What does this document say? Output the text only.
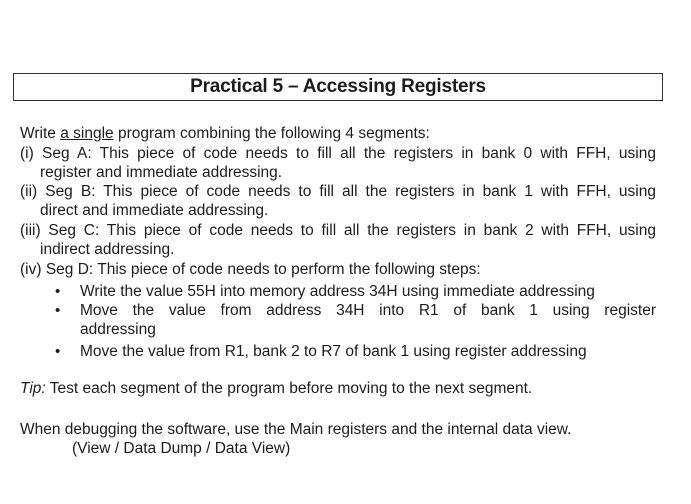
Practical 5 – Accessing Registers
Write a single program combining the following 4 segments:
(i) Seg A: This piece of code needs to fill all the registers in bank 0 with FFH, using
register and immediate addressing.
(ii) Seg B: This piece of code needs to fill all the registers in bank 1 with FFH, using
direct and immediate addressing.
(iii) Seg C: This piece of code needs to fill all the registers in bank 2 with FFH, using
indirect addressing.
(iv) Seg D: This piece of code needs to perform the following steps:
• Write the value 55H into memory address 34H using immediate addressing
• Move the value from address 34H into R1 of bank 1 using register
addressing
• Move the value from R1, bank 2 to R7 of bank 1 using register addressing
Tip: Test each segment of the program before moving to the next segment.
When debugging the software, use the Main registers and the internal data view.
(View / Data Dump / Data View)
